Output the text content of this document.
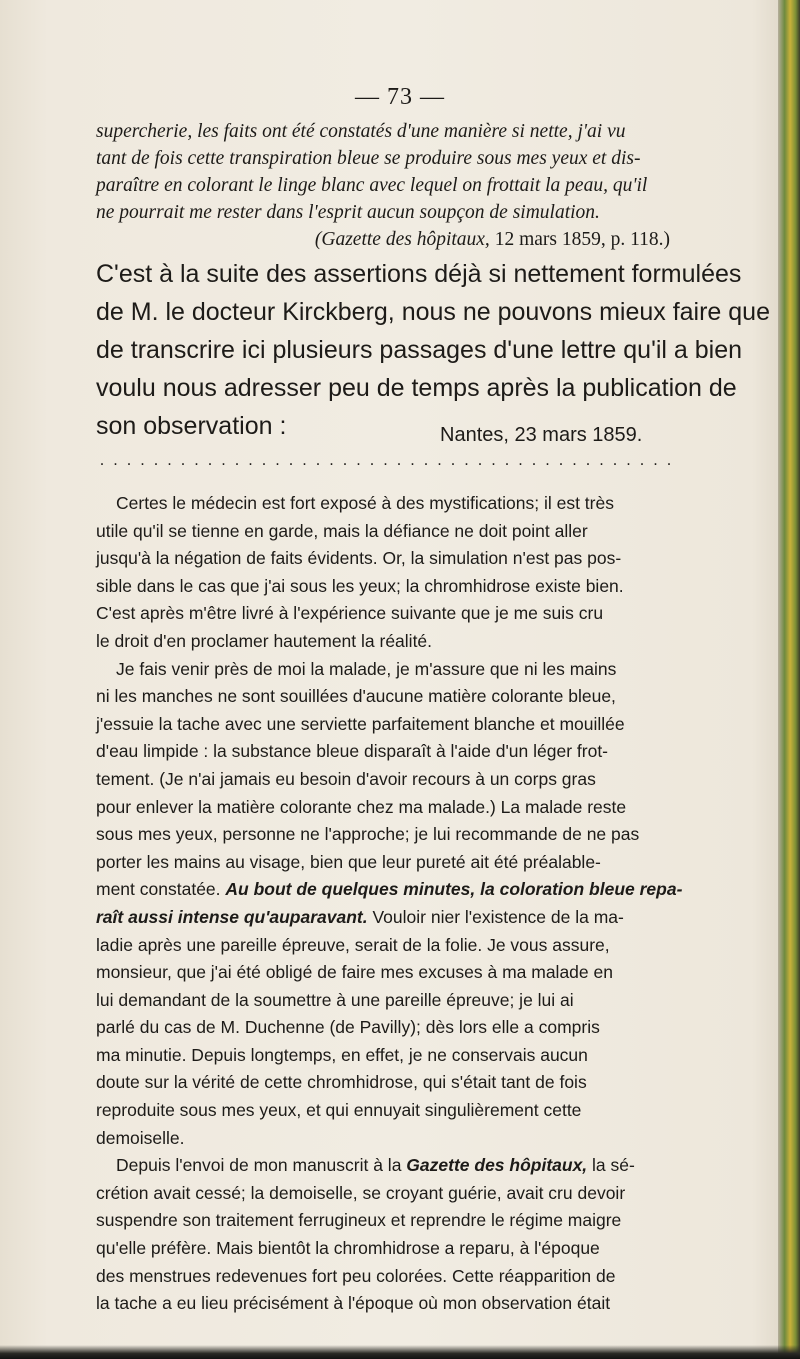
— 73 —
supercherie, les faits ont été constatés d'une manière si nette, j'ai vu
tant de fois cette transpiration bleue se produire sous mes yeux et dis-
paraître en colorant le linge blanc avec lequel on frottait la peau, qu'il
ne pourrait me rester dans l'esprit aucun soupçon de simulation.
(Gazette des hôpitaux, 12 mars 1859, p. 118.)
C'est à la suite des assertions déjà si nettement formulées
de M. le docteur Kirckberg, nous ne pouvons mieux faire que
de transcrire ici plusieurs passages d'une lettre qu'il a bien
voulu nous adresser peu de temps après la publication de
son observation :	Nantes, 23 mars 1859.
...........................................
Certes le médecin est fort exposé à des mystifications; il est très
utile qu'il se tienne en garde, mais la défiance ne doit point aller
jusqu'à la négation de faits évidents. Or, la simulation n'est pas pos-
sible dans le cas que j'ai sous les yeux; la chromhidrose existe bien.
C'est après m'être livré à l'expérience suivante que je me suis cru
le droit d'en proclamer hautement la réalité.
Je fais venir près de moi la malade, je m'assure que ni les mains
ni les manches ne sont souillées d'aucune matière colorante bleue,
j'essuie la tache avec une serviette parfaitement blanche et mouillée
d'eau limpide : la substance bleue disparaît à l'aide d'un léger frot-
tement. (Je n'ai jamais eu besoin d'avoir recours à un corps gras
pour enlever la matière colorante chez ma malade.) La malade reste
sous mes yeux, personne ne l'approche; je lui recommande de ne pas
porter les mains au visage, bien que leur pureté ait été préalable-
ment constatée. Au bout de quelques minutes, la coloration bleue repa-
raît aussi intense qu'auparavant. Vouloir nier l'existence de la ma-
ladie après une pareille épreuve, serait de la folie. Je vous assure,
monsieur, que j'ai été obligé de faire mes excuses à ma malade en
lui demandant de la soumettre à une pareille épreuve; je lui ai
parlé du cas de M. Duchenne (de Pavilly); dès lors elle a compris
ma minutie. Depuis longtemps, en effet, je ne conservais aucun
doute sur la vérité de cette chromhidrose, qui s'était tant de fois
reproduite sous mes yeux, et qui ennuyait singulièrement cette
demoiselle.
Depuis l'envoi de mon manuscrit à la Gazette des hôpitaux, la sé-
crétion avait cessé; la demoiselle, se croyant guérie, avait cru devoir
suspendre son traitement ferrugineux et reprendre le régime maigre
qu'elle préfère. Mais bientôt la chromhidrose a reparu, à l'époque
des menstrues redevenues fort peu colorées. Cette réapparition de
la tache a eu lieu précisément à l'époque où mon observation était
